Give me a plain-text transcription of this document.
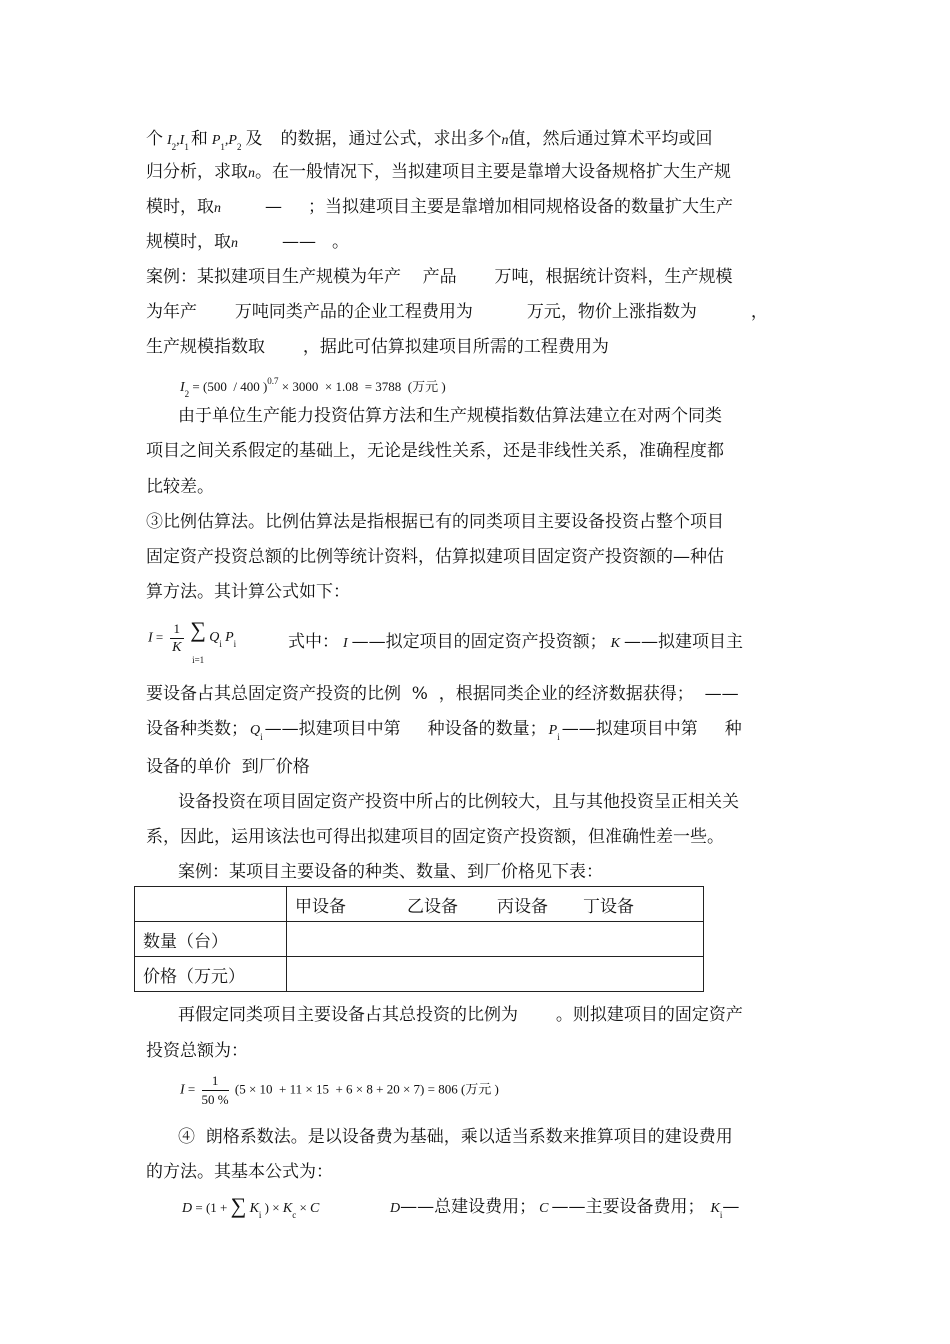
个 $I_2,I_1$ 和 $P_1,P_2$ 及 的数据，通过公式，求出多个n值，然后通过算术平均或回
归分析，求取n。在一般情况下，当拟建项目主要是靠增大设备规格扩大生产规
模时，取n	— ；当拟建项目主要是靠增加相同规格设备的数量扩大生产
规模时，取n	—— 。
案例：某拟建项目生产规模为年产    产品       万吨，根据统计资料，生产规模
为年产       万吨同类产品的企业工程费用为          万元，物价上涨指数为          ，
生产规模指数取       ，据此可估算拟建项目所需的工程费用为
$I_2 = (500 / 400$ )$^{0.7}$ × 3000  × 1.08  = 3788  (万元 )
由于单位生产能力投资估算方法和生产规模指数估算法建立在对两个同类
项目之间关系假定的基础上，无论是线性关系，还是非线性关系，准确程度都
比较差。
③比例估算法。比例估算法是指根据已有的同类项目主要设备投资占整个项目
固定资产投资总额的比例等统计资料，估算拟建项目固定资产投资额的—种估
算方法。其计算公式如下：
$I = \frac{1}{K}$
∑
i=1
$Q_i$ $P_i$	式中： I ——拟定项目的固定资产投资额； K ——拟建项目主
要设备占其总固定资产投资的比例  %  ，根据同类企业的经济数据获得；  ——
设备种类数； $Q_i$ ——拟建项目中第     种设备的数量； $P_i$ ——拟建项目中第     种
设备的单价  到厂价格
设备投资在项目固定资产投资中所占的比例较大，且与其他投资呈正相关关
系，因此，运用该法也可得出拟建项目的固定资产投资额，但准确性差一些。
案例：某项目主要设备的种类、数量、到厂价格见下表：
	甲设备 乙设备 丙设备 丁设备
数量（台）	
价格（万元）	
再假定同类项目主要设备占其总投资的比例为       。则拟建项目的固定资产
投资总额为：
$I = \frac{1}{50 \%} (5 \times 10 + 11 \times 15 + 6 \times 8 + 20 \times 7) = 806$ (万元 )
④  朗格系数法。是以设备费为基础，乘以适当系数来推算项目的建设费用
的方法。其基本公式为：
D = (1 + ∑ $K_i$ ) × $K_c \times C$	D——总建设费用； C ——主要设备费用； $K_i—$
